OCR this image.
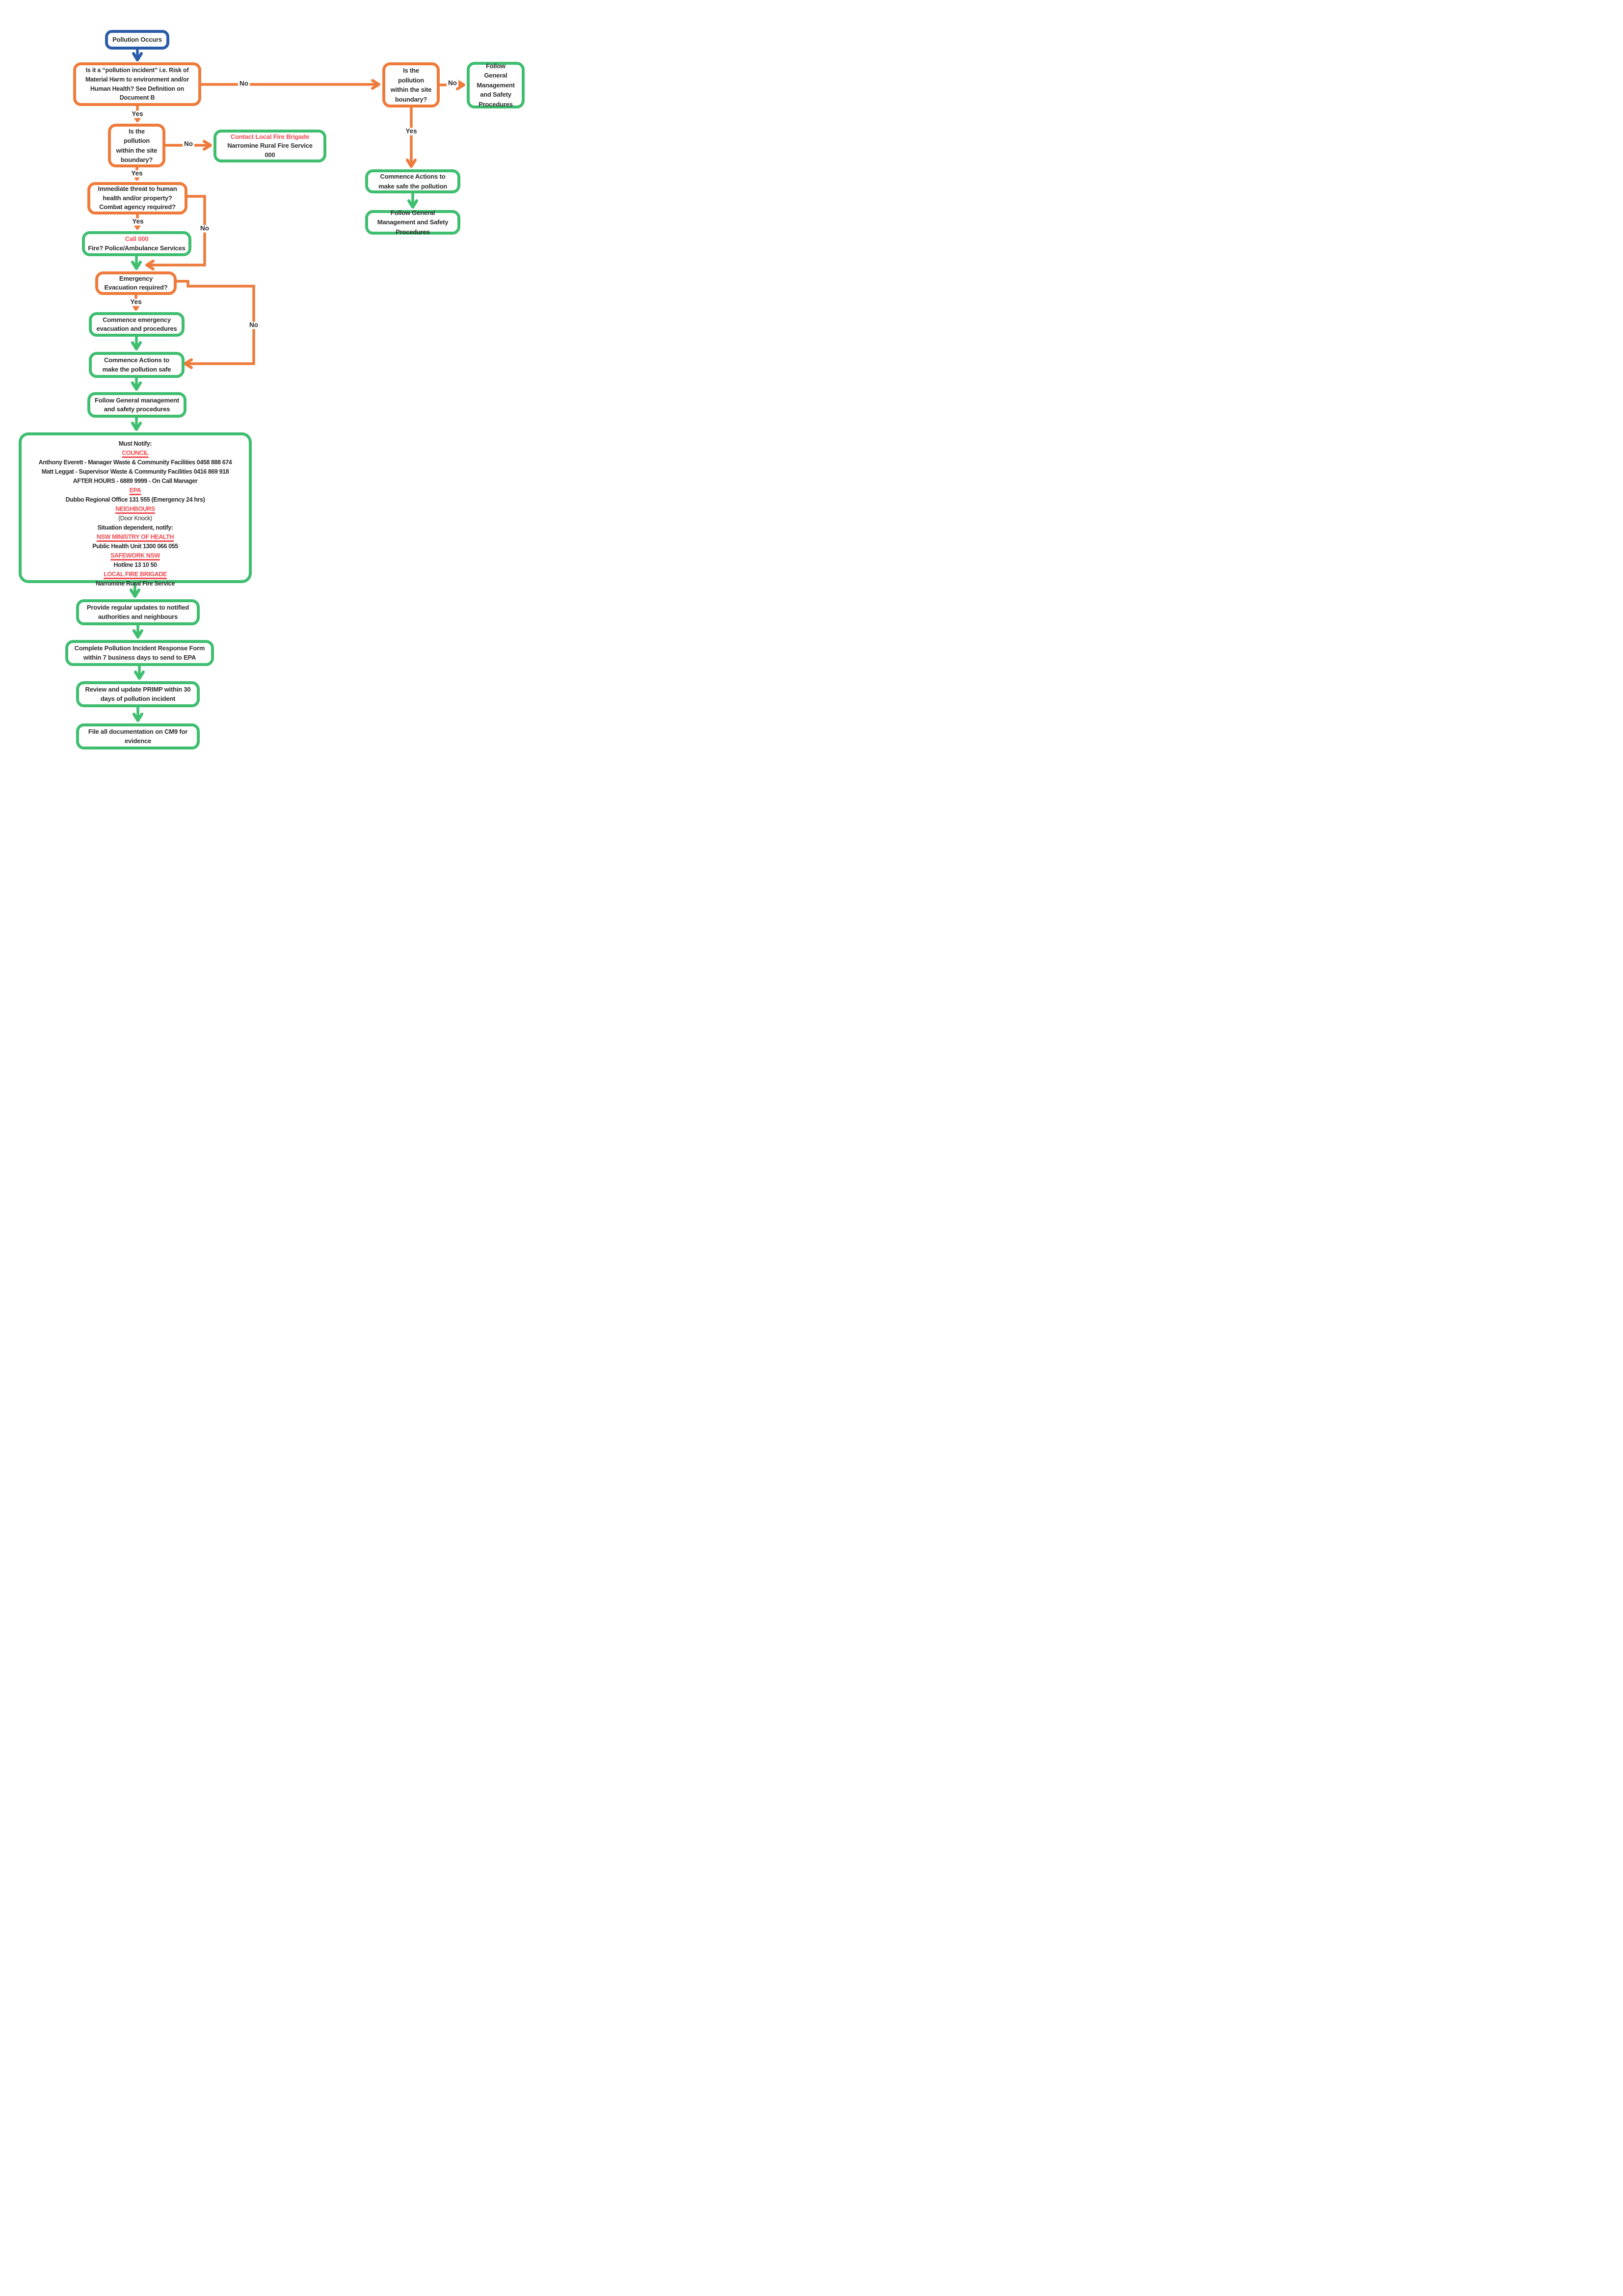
Pollution Occurs
Is it a “pollution incident” i.e. Risk of Material Harm to environment and/or Human Health? See Definition on Document B
Is the pollution within the site boundary?
Follow General Management and Safety Procedures
Commence Actions to make safe the pollution
Follow General Management and Safety Procedures
Is the pollution within the site boundary?
Contact Local Fire Brigade
Narromine Rural Fire Service
000
Immediate threat to human health and/or property? Combat agency required?
Call 000
Fire? Police/Ambulance Services
Emergency Evacuation required?
Commence emergency evacuation and procedures
Commence Actions to make the pollution safe
Follow General management and safety procedures
Must Notify:
COUNCIL
Anthony Everett - Manager Waste & Community Facilities 0458 888 674
Matt Leggat - Supervisor Waste & Community Facilities 0416 869 918
AFTER HOURS - 6889 9999 - On Call Manager
EPA
Dubbo Regional Office 131 555 (Emergency 24 hrs)
NEIGHBOURS
(Door Knock)
Situation dependent, notify:
NSW MINISTRY OF HEALTH
Public Health Unit 1300 066 055
SAFEWORK NSW
Hotline 13 10 50
LOCAL FIRE BRIGADE
Narromine Rural Fire Service
Provide regular updates to notified authorities and neighbours
Complete Pollution Incident Response Form within 7 business days to send to EPA
Review and update PRIMP within 30 days of pollution incident
File all documentation on CM9 for evidence
Yes
No	No
Yes
No
Yes
Yes
No
Yes
No
